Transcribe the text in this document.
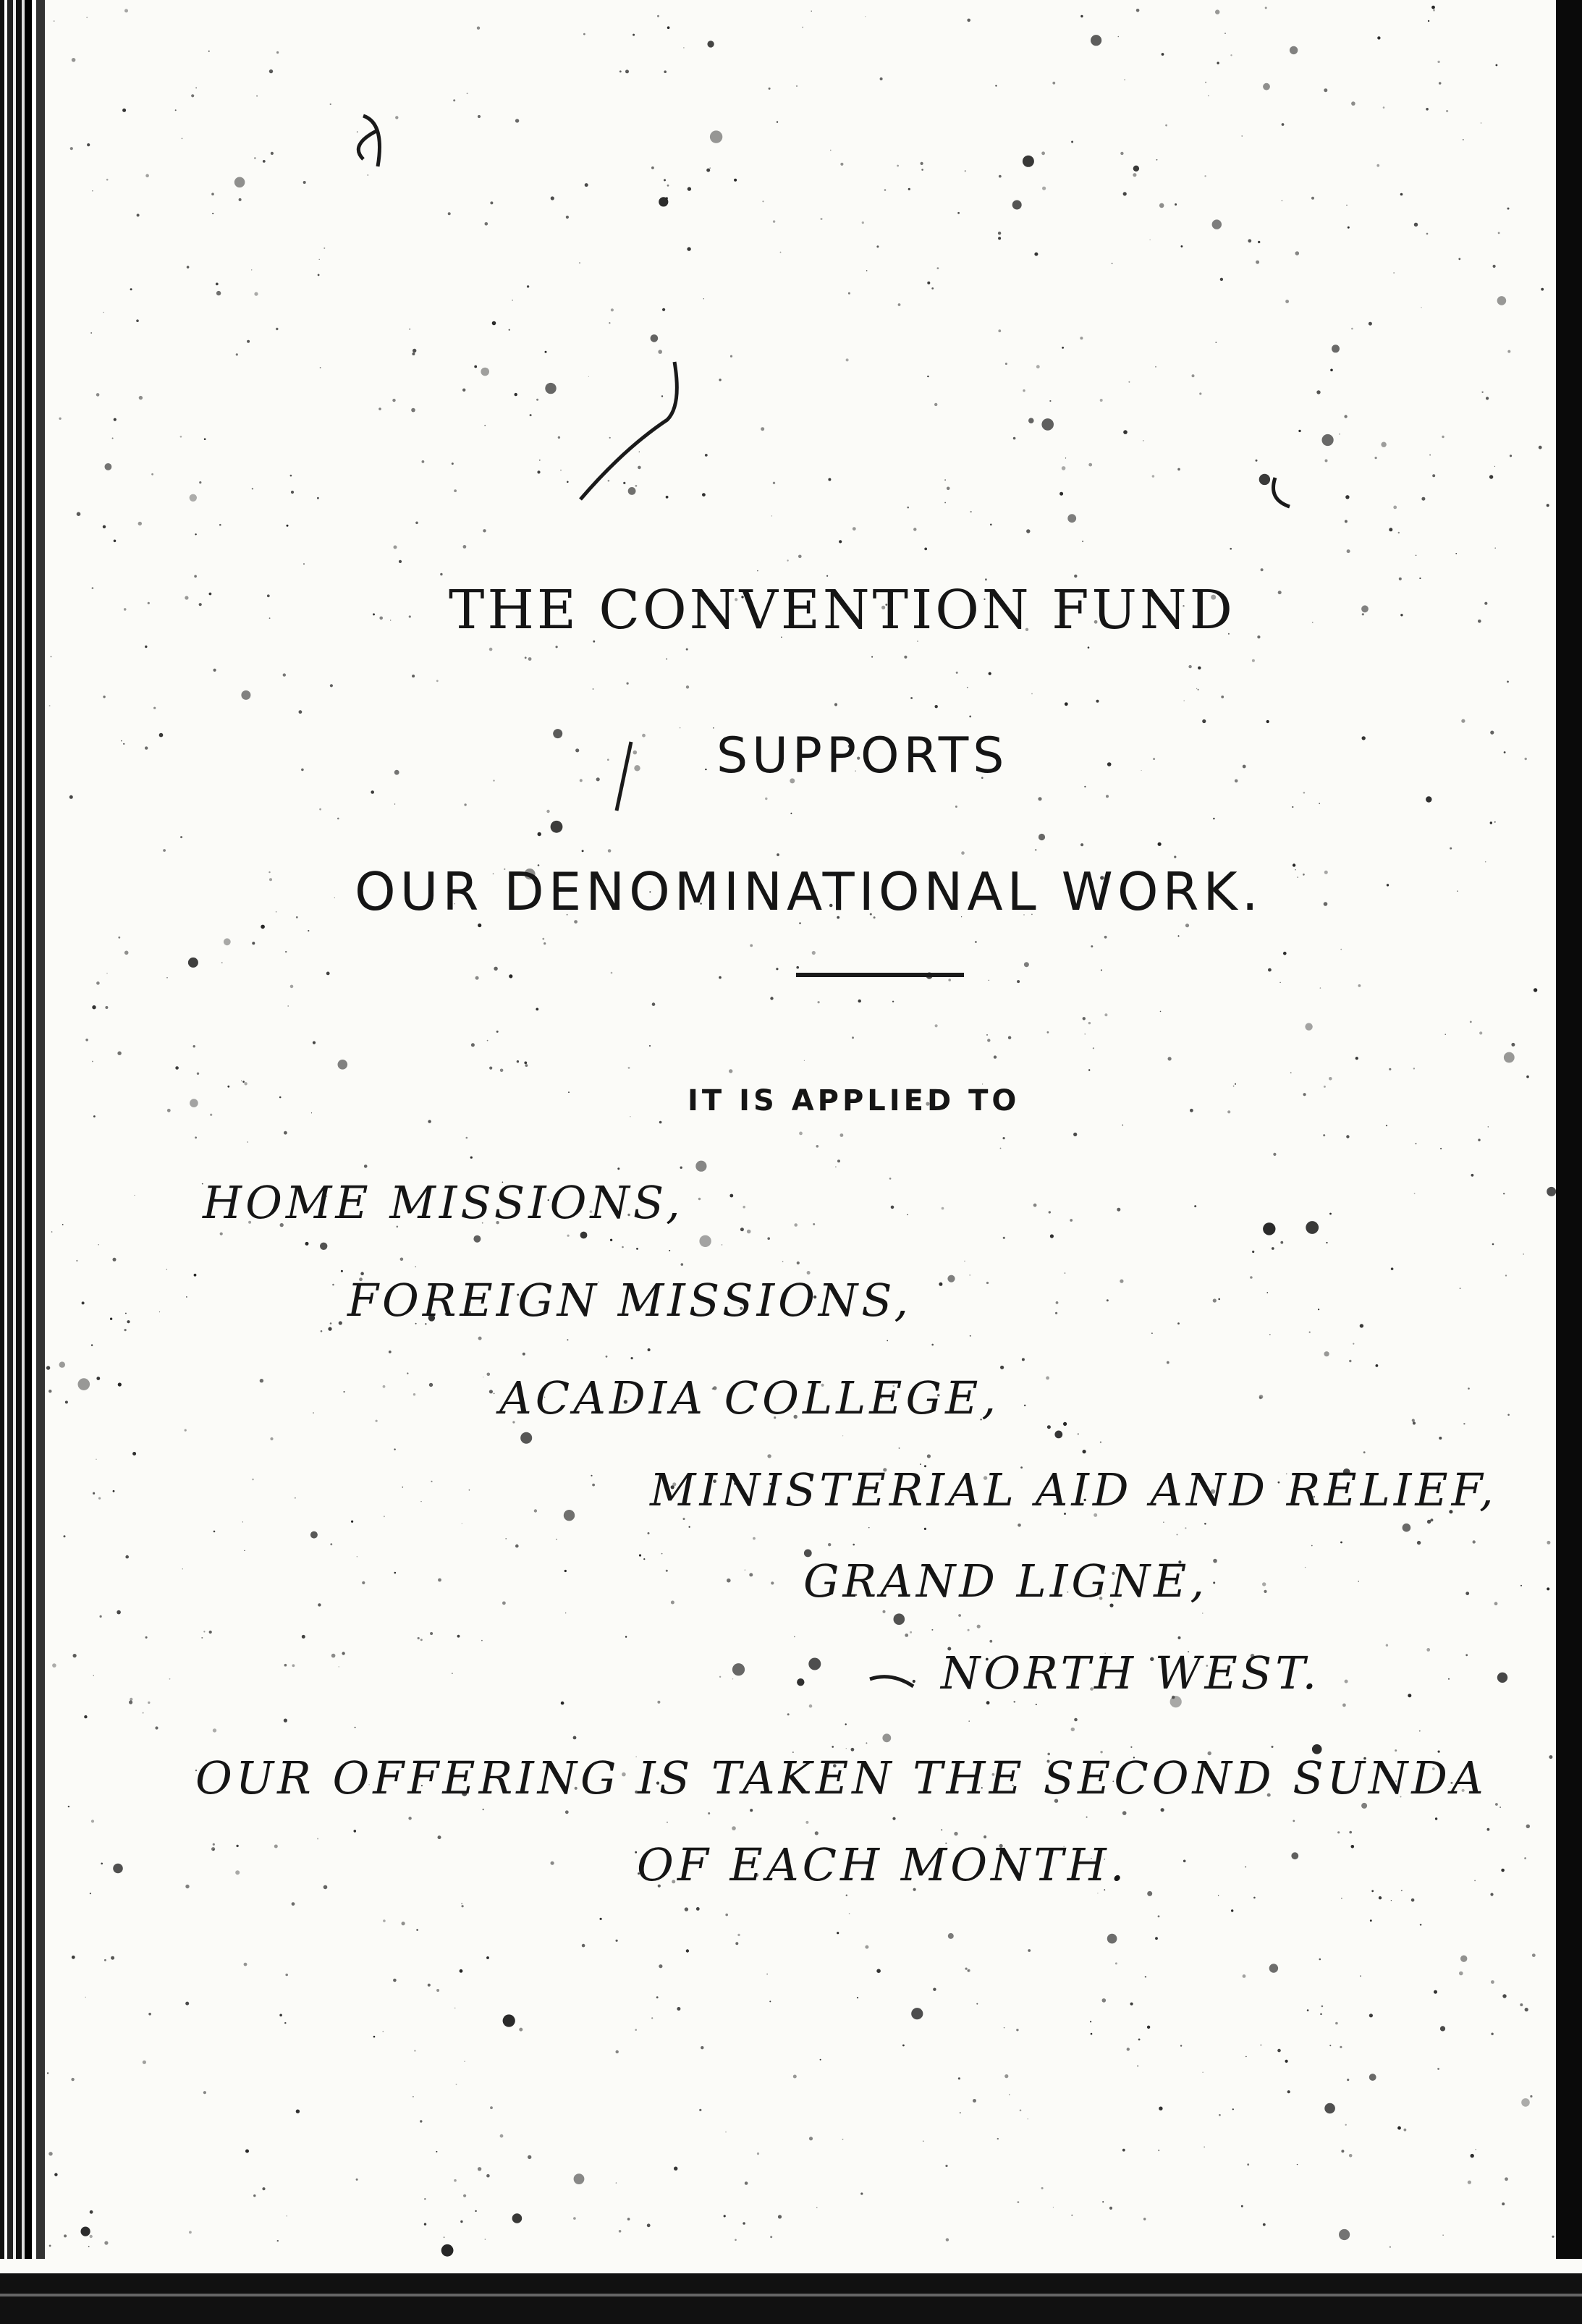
THE CONVENTION FUND
SUPPORTS
OUR DENOMINATIONAL WORK.
IT IS APPLIED TO
HOME MISSIONS,
FOREIGN MISSIONS,
ACADIA COLLEGE,
MINISTERIAL AID AND RELIEF,
GRAND LIGNE,
NORTH WEST.
OUR OFFERING IS TAKEN THE SECOND SUNDA
OF EACH MONTH.
